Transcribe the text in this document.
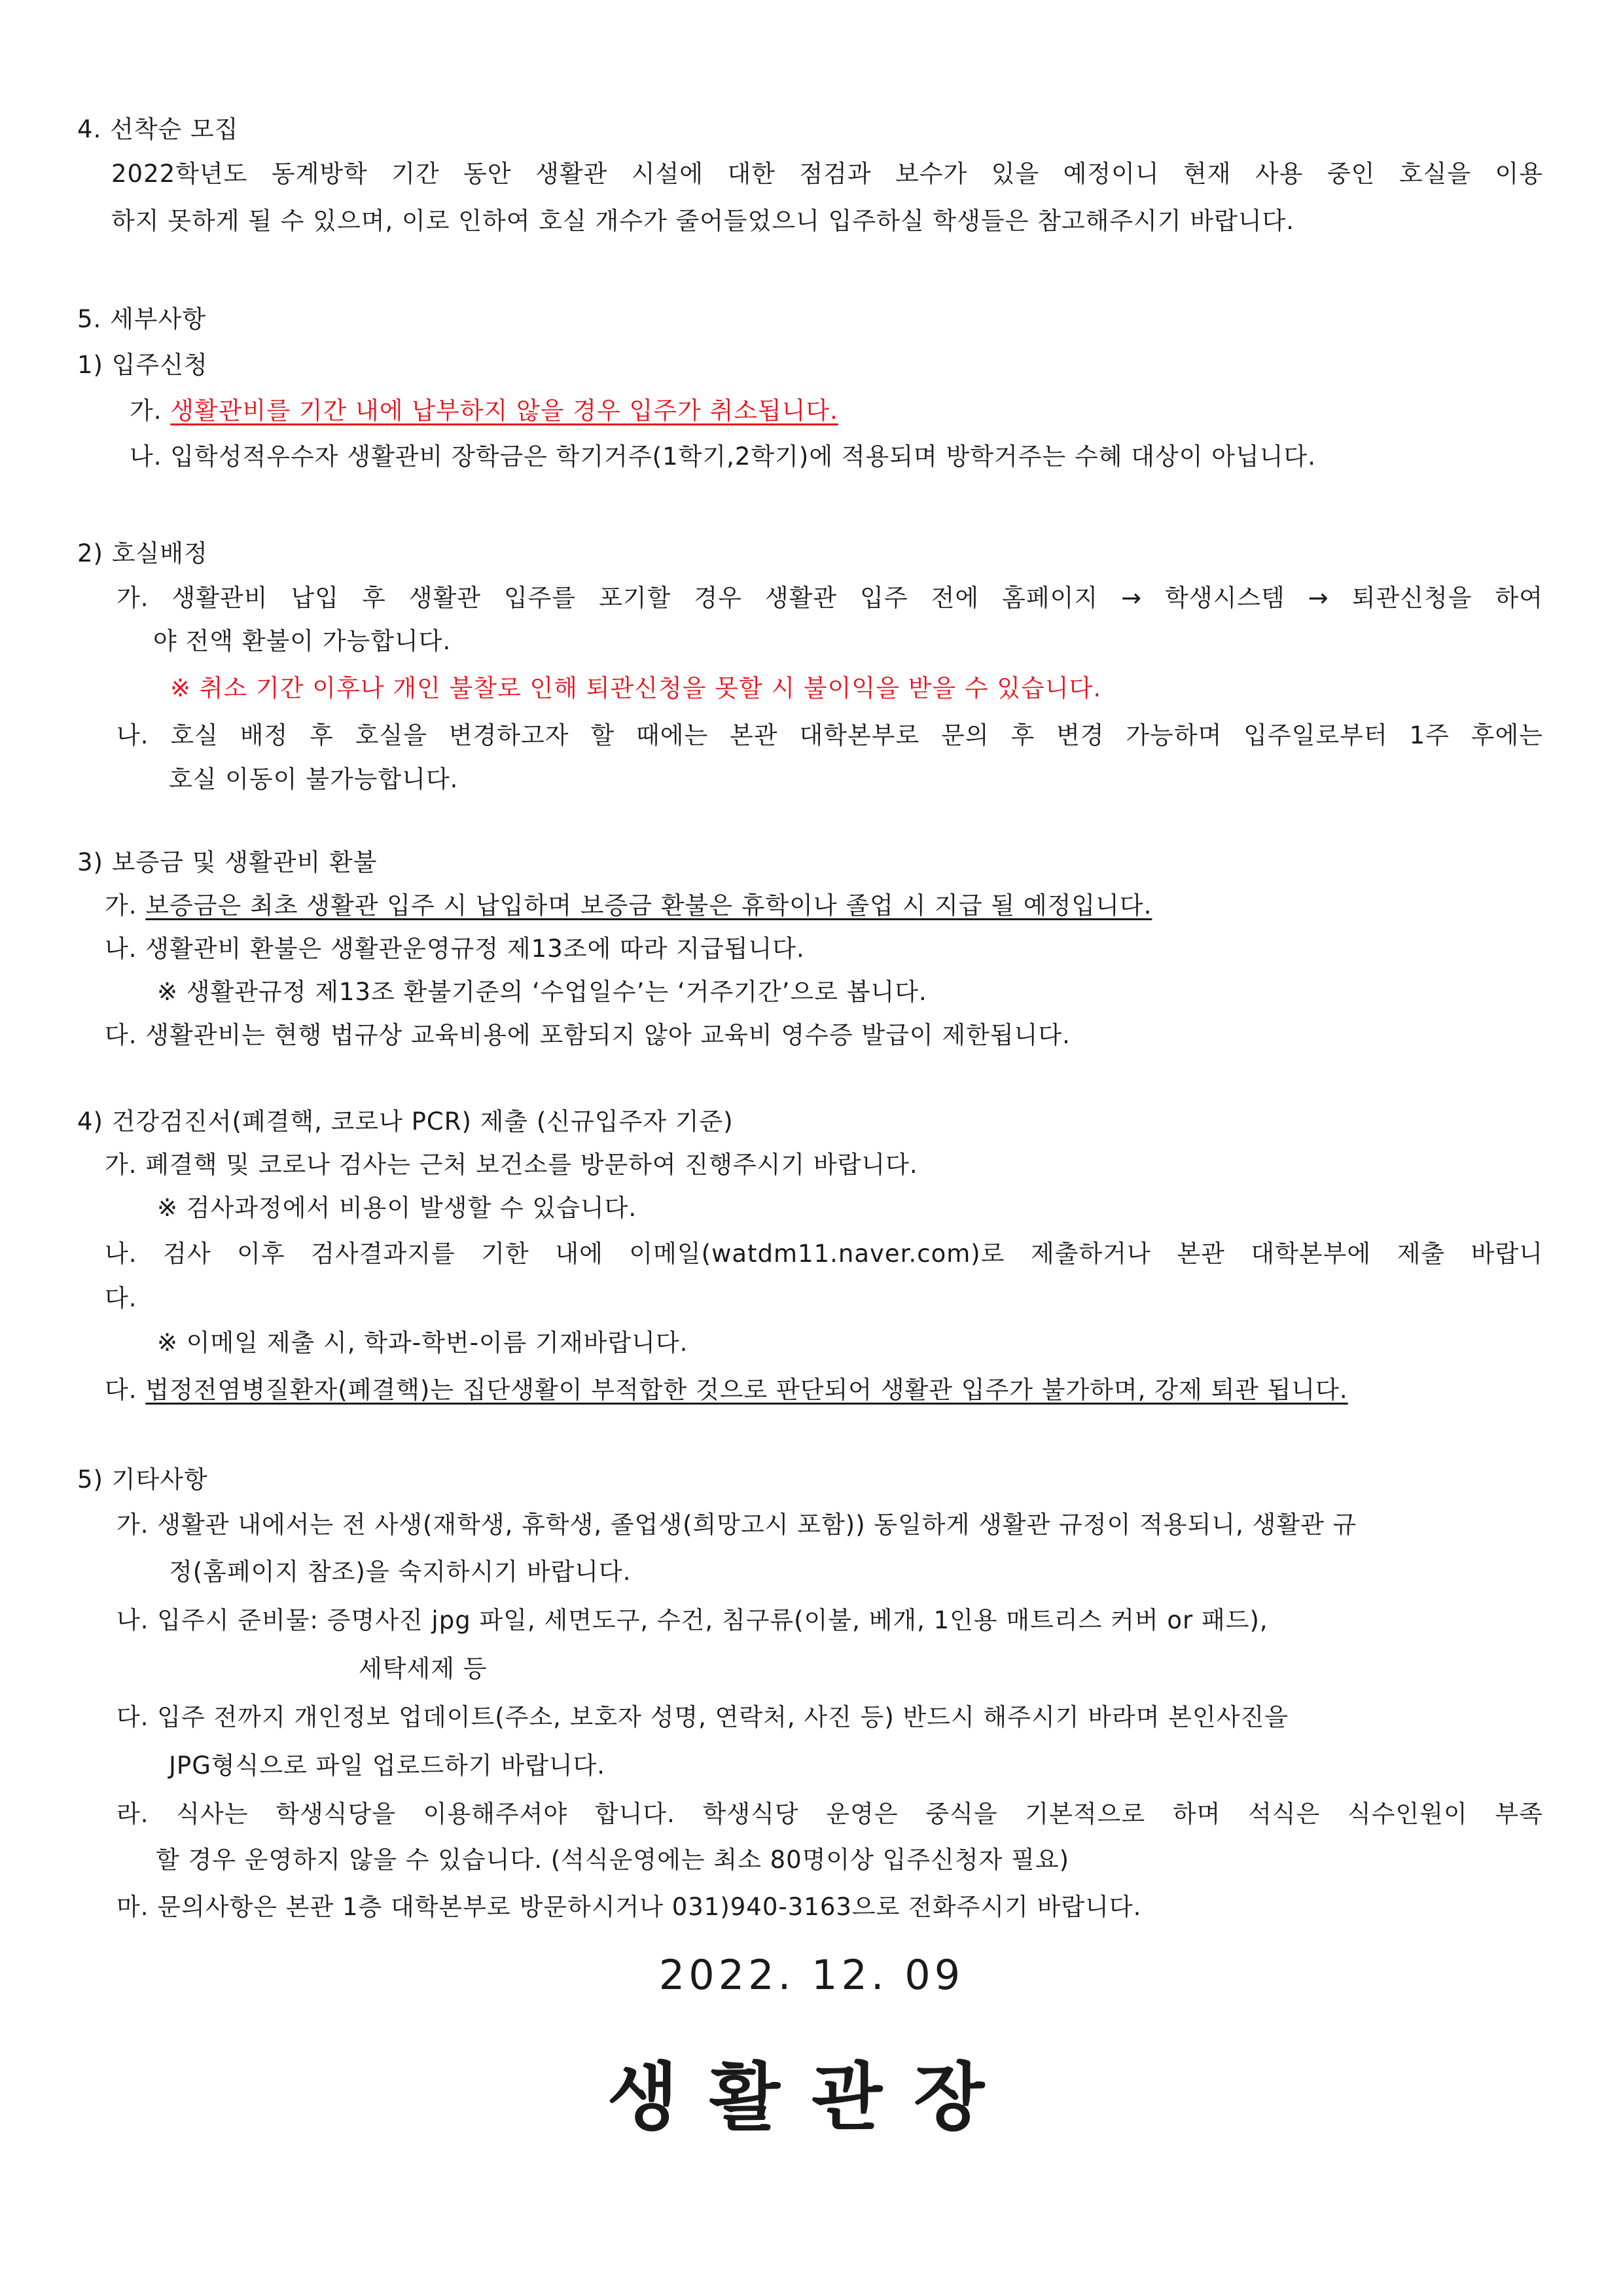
4. 선착순 모집
2022학년도 동계방학 기간 동안 생활관 시설에 대한 점검과 보수가 있을 예정이니 현재 사용 중인 호실을 이용
하지 못하게 될 수 있으며, 이로 인하여 호실 개수가 줄어들었으니 입주하실 학생들은 참고해주시기 바랍니다.
5. 세부사항
1) 입주신청
가. 생활관비를 기간 내에 납부하지 않을 경우 입주가 취소됩니다.
나. 입학성적우수자 생활관비 장학금은 학기거주(1학기,2학기)에 적용되며 방학거주는 수혜 대상이 아닙니다.
2) 호실배정
가. 생활관비 납입 후 생활관 입주를 포기할 경우 생활관 입주 전에 홈페이지 → 학생시스템 → 퇴관신청을 하여
야 전액 환불이 가능합니다.
※ 취소 기간 이후나 개인 불찰로 인해 퇴관신청을 못할 시 불이익을 받을 수 있습니다.
나. 호실 배정 후 호실을 변경하고자 할 때에는 본관 대학본부로 문의 후 변경 가능하며 입주일로부터 1주 후에는
호실 이동이 불가능합니다.
3) 보증금 및 생활관비 환불
가. 보증금은 최초 생활관 입주 시 납입하며 보증금 환불은 휴학이나 졸업 시 지급 될 예정입니다.
나. 생활관비 환불은 생활관운영규정 제13조에 따라 지급됩니다.
※ 생활관규정 제13조 환불기준의 ‘수업일수’는 ‘거주기간’으로 봅니다.
다. 생활관비는 현행 법규상 교육비용에 포함되지 않아 교육비 영수증 발급이 제한됩니다.
4) 건강검진서(폐결핵, 코로나 PCR) 제출 (신규입주자 기준)
가. 폐결핵 및 코로나 검사는 근처 보건소를 방문하여 진행주시기 바랍니다.
※ 검사과정에서 비용이 발생할 수 있습니다.
나. 검사 이후 검사결과지를 기한 내에 이메일(watdm11.naver.com)로 제출하거나 본관 대학본부에 제출 바랍니
다.
※ 이메일 제출 시, 학과-학번-이름 기재바랍니다.
다. 법정전염병질환자(폐결핵)는 집단생활이 부적합한 것으로 판단되어 생활관 입주가 불가하며, 강제 퇴관 됩니다.
5) 기타사항
가. 생활관 내에서는 전 사생(재학생, 휴학생, 졸업생(희망고시 포함)) 동일하게 생활관 규정이 적용되니, 생활관 규
정(홈페이지 참조)을 숙지하시기 바랍니다.
나. 입주시 준비물: 증명사진 jpg 파일, 세면도구, 수건, 침구류(이불, 베개, 1인용 매트리스 커버 or 패드),
세탁세제 등
다. 입주 전까지 개인정보 업데이트(주소, 보호자 성명, 연락처, 사진 등) 반드시 해주시기 바라며 본인사진을
JPG형식으로 파일 업로드하기 바랍니다.
라. 식사는 학생식당을 이용해주셔야 합니다. 학생식당 운영은 중식을 기본적으로 하며 석식은 식수인원이 부족
할 경우 운영하지 않을 수 있습니다. (석식운영에는 최소 80명이상 입주신청자 필요)
마. 문의사항은 본관 1층 대학본부로 방문하시거나 031)940-3163으로 전화주시기 바랍니다.
2022. 12. 09
생활관장
